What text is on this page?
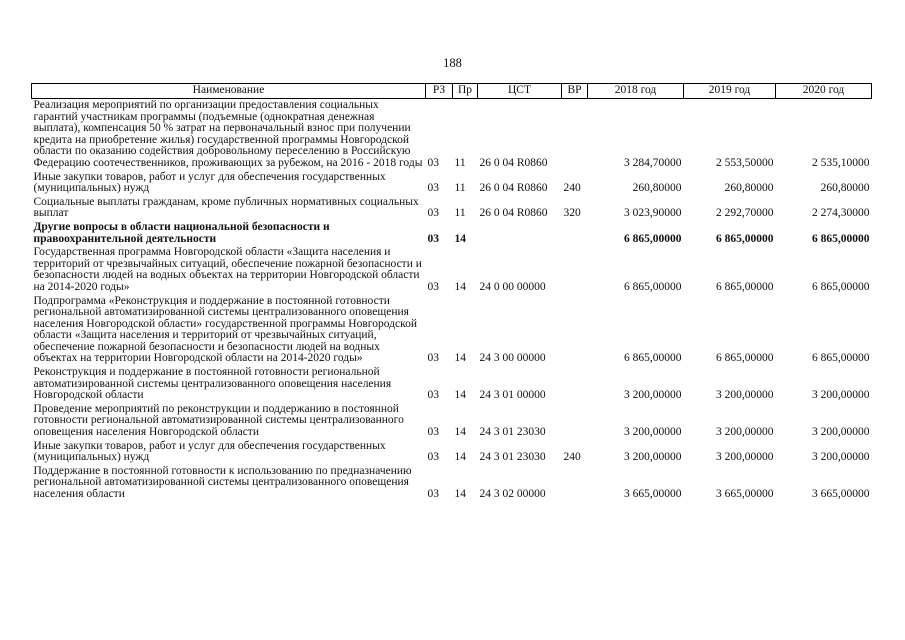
188
Наименование	РЗ	Пр	ЦСТ	ВР	2018 год	2019 год	2020 год
Реализация мероприятий по организации предоставления социальных гарантий участникам программы (подъемные (однократная денежная выплата), компенсация 50 % затрат на первоначальный взнос при получении кредита на приобретение жилья) государственной программы Новгородской области по оказанию содействия добровольному переселению в Российскую Федерацию соотечественников, проживающих за рубежом, на 2016 - 2018 годы	03	11	26 0 04 R0860		3 284,70000	2 553,50000	2 535,10000
Иные закупки товаров, работ и услуг для обеспечения государственных (муниципальных) нужд	03	11	26 0 04 R0860	240	260,80000	260,80000	260,80000
Социальные выплаты гражданам, кроме публичных нормативных социальных выплат	03	11	26 0 04 R0860	320	3 023,90000	2 292,70000	2 274,30000
Другие вопросы в области национальной безопасности и правоохранительной деятельности	03	14			6 865,00000	6 865,00000	6 865,00000
Государственная программа Новгородской области «Защита населения и территорий от чрезвычайных ситуаций, обеспечение пожарной безопасности и безопасности людей на водных объектах на территории Новгородской области на 2014-2020 годы»	03	14	24 0 00 00000		6 865,00000	6 865,00000	6 865,00000
Подпрограмма «Реконструкция и поддержание в постоянной готовности региональной автоматизированной системы централизованного оповещения населения Новгородской области» государственной программы Новгородской области «Защита населения и территорий от чрезвычайных ситуаций, обеспечение пожарной безопасности и безопасности людей на водных объектах на территории Новгородской области на 2014-2020 годы»	03	14	24 3 00 00000		6 865,00000	6 865,00000	6 865,00000
Реконструкция и поддержание в постоянной готовности региональной автоматизированной системы централизованного оповещения населения Новгородской области	03	14	24 3 01 00000		3 200,00000	3 200,00000	3 200,00000
Проведение мероприятий по реконструкции и поддержанию в постоянной готовности региональной автоматизированной системы централизованного оповещения населения Новгородской области	03	14	24 3 01 23030		3 200,00000	3 200,00000	3 200,00000
Иные закупки товаров, работ и услуг для обеспечения государственных (муниципальных) нужд	03	14	24 3 01 23030	240	3 200,00000	3 200,00000	3 200,00000
Поддержание в постоянной готовности к использованию по предназначению региональной автоматизированной системы централизованного оповещения населения области	03	14	24 3 02 00000		3 665,00000	3 665,00000	3 665,00000
